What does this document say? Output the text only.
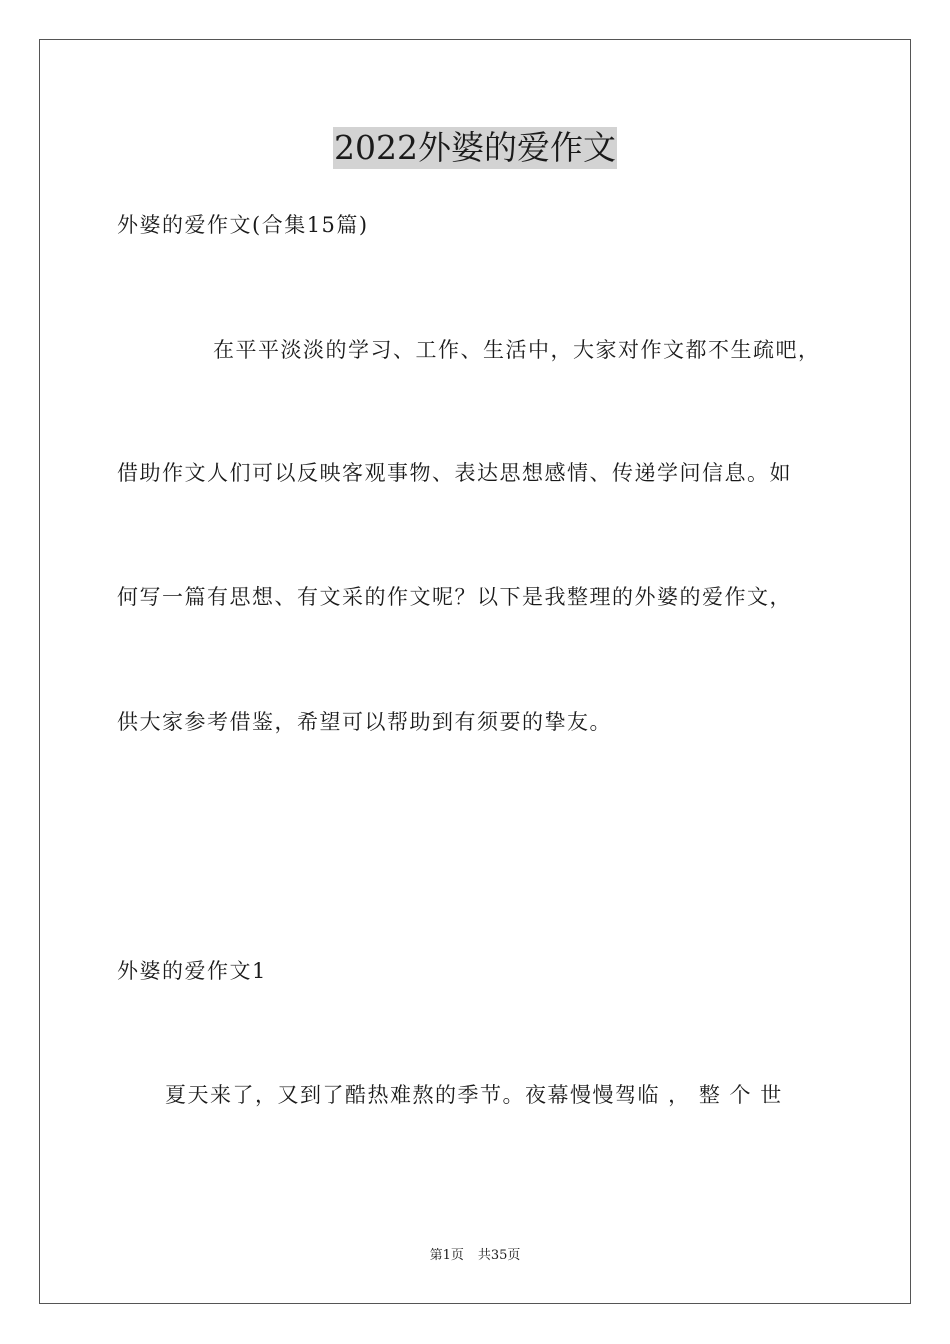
2022外婆的爱作文
外婆的爱作文(合集15篇)
在平平淡淡的学习、工作、生活中，大家对作文都不生疏吧，
借助作文人们可以反映客观事物、表达思想感情、传递学问信息。如
何写一篇有思想、有文采的作文呢？以下是我整理的外婆的爱作文，
供大家参考借鉴，希望可以帮助到有须要的挚友。
外婆的爱作文1
夏天来了，又到了酷热难熬的季节。夜幕慢慢驾临 ， 整 个 世
第1页 共35页
